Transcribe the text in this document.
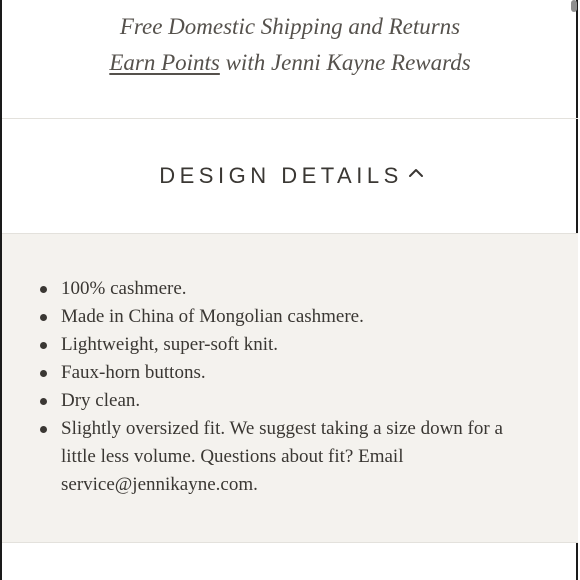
Free Domestic Shipping and Returns
Earn Points with Jenni Kayne Rewards
DESIGN DETAILS
100% cashmere.
Made in China of Mongolian cashmere.
Lightweight, super-soft knit.
Faux-horn buttons.
Dry clean.
Slightly oversized fit. We suggest taking a size down for a little less volume. Questions about fit? Email service@jennikayne.com.
